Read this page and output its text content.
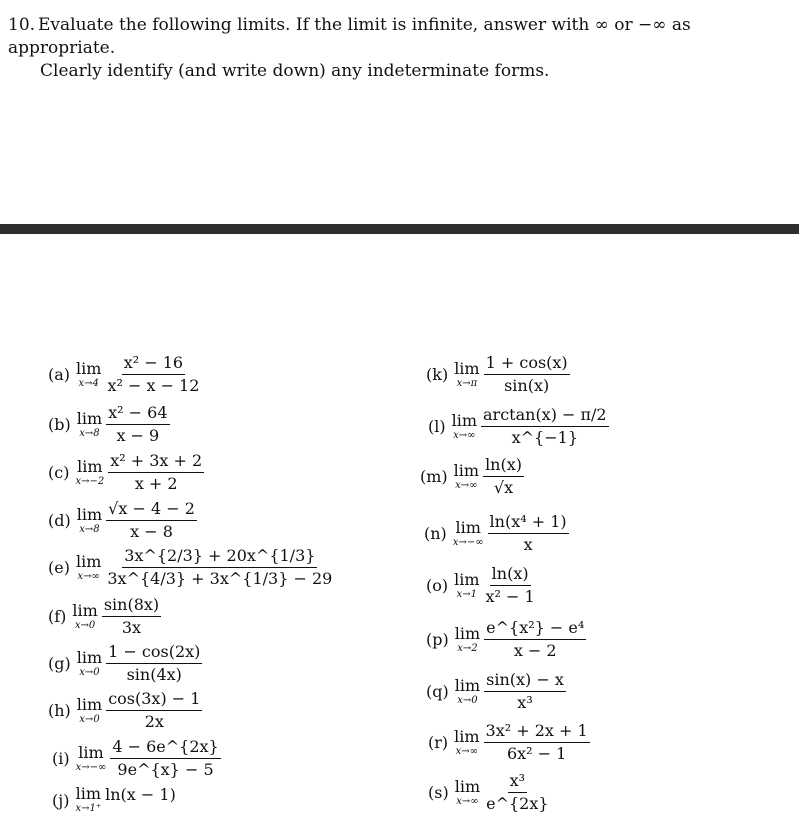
10. Evaluate the following limits. If the limit is infinite, answer with ∞ or −∞ as appropriate.
Clearly identify (and write down) any indeterminate forms.
(a) lim
$x\to 4 \frac{\text{x² − 16}}{\text{x² − x − 12}}$
(b) lim
$x\to 8 \frac{\text{x² − 64}}{x - 9}$
(c) lim
$x\to-2 \frac{\text{x² + 3x + 2}}{x + 2}$
(d) lim
$x\to 8 \frac{√x - 4 - 2}{x - 8}$
(e) lim
$x\to\infty \frac{3x\^{}\{2/3\} + 20x\^{}\{1/3\}}{3x\^{}\{4/3\} + 3x\^{}\{1/3\} - 29}$
(f) lim
$x\to 0 \frac{\sin(8x)}{3x}$
(g) lim
$x\to 0 \frac{1 - \cos(2x)}{\sin(4x)}$
(h) lim
$x\to 0 \frac{\cos(3x) - 1}{2x}$
(i) lim
$x\to-\infty \frac{4 - 6e\^{}\{2x\}}{9e\^{}\{x\} - 5}$
(j) lim
x→1⁺
ln(x − 1)
(k) lim
$x\to\pi \frac{1 + \cos(x)}{\sin(x)}$
(l) lim
$x\to\infty \frac{\arctan(x) - \pi/2}{x\^{}\{-1\}}$
(m) lim
$x\to\infty \frac{\ln(x)}{√x}$
(n) lim
$x\to-\infty \frac{\text{ln(x⁴ + 1)}}{x}$
(o) lim
$x\to 1 \frac{\ln(x)}{\text{x² − 1}}$
(p) lim
$x\to 2 \frac{\text{e\textasciicircum{}\{x²\} − e⁴}}{x - 2}$
(q) lim
$x\to 0 \frac{\sin(x) - x}{\text{x³}}$
(r) lim
$x\to\infty \frac{\text{3x² + 2x + 1}}{\text{6x² − 1}}$
(s) lim
$x\to\infty \frac{\text{x³}}{e\^{}\{2x\}}$
